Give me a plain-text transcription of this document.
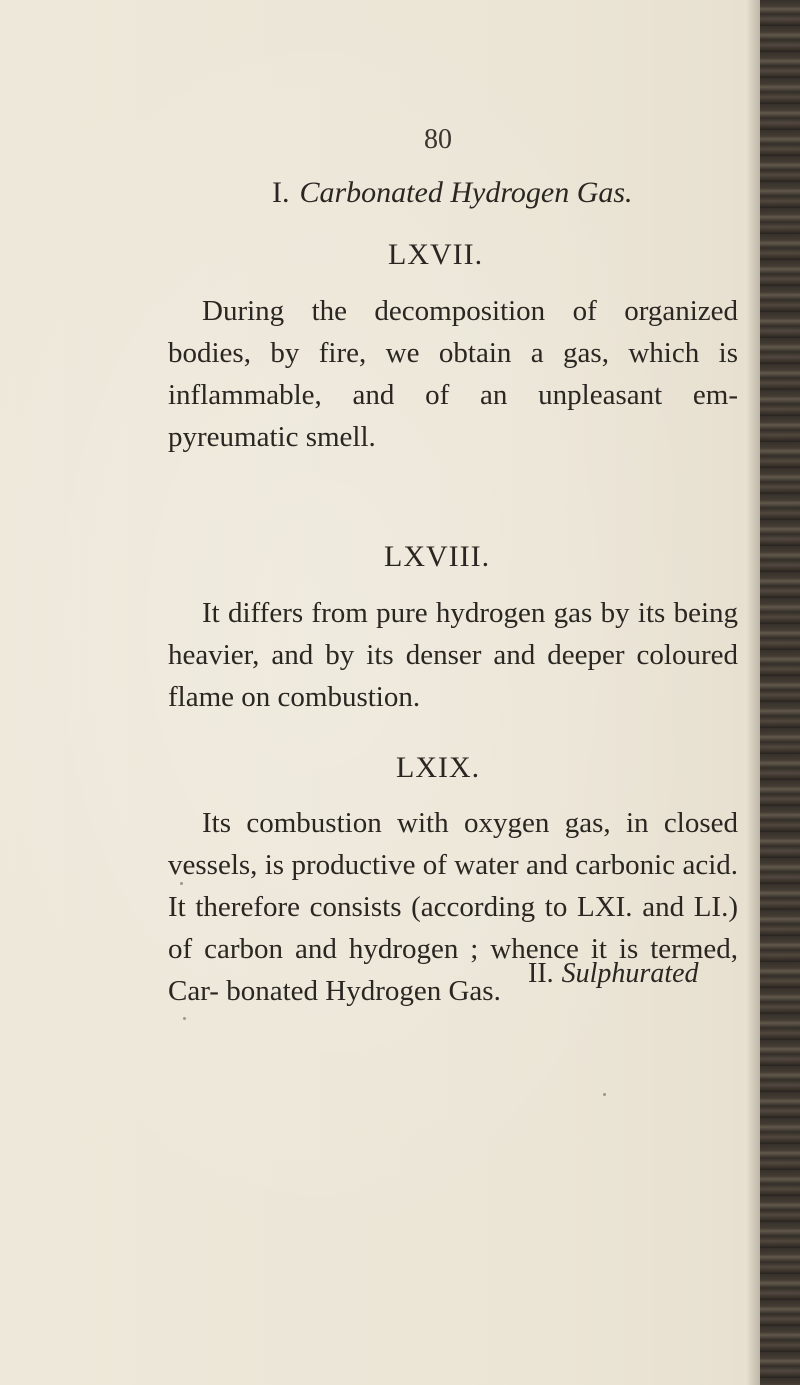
80
I. Carbonated Hydrogen Gas.
LXVII.

During the decomposition of organized bodies, by fire, we obtain a gas, which is inflammable, and of an unpleasant em- pyreumatic smell.

LXVIII.

It differs from pure hydrogen gas by its being heavier, and by its denser and deeper coloured flame on combustion.

LXIX.

Its combustion with oxygen gas, in closed vessels, is productive of water and carbonic acid. It therefore consists (according to LXI. and LI.) of carbon and hydrogen ; whence it is termed, Car- bonated Hydrogen Gas.

II. Sulphurated
